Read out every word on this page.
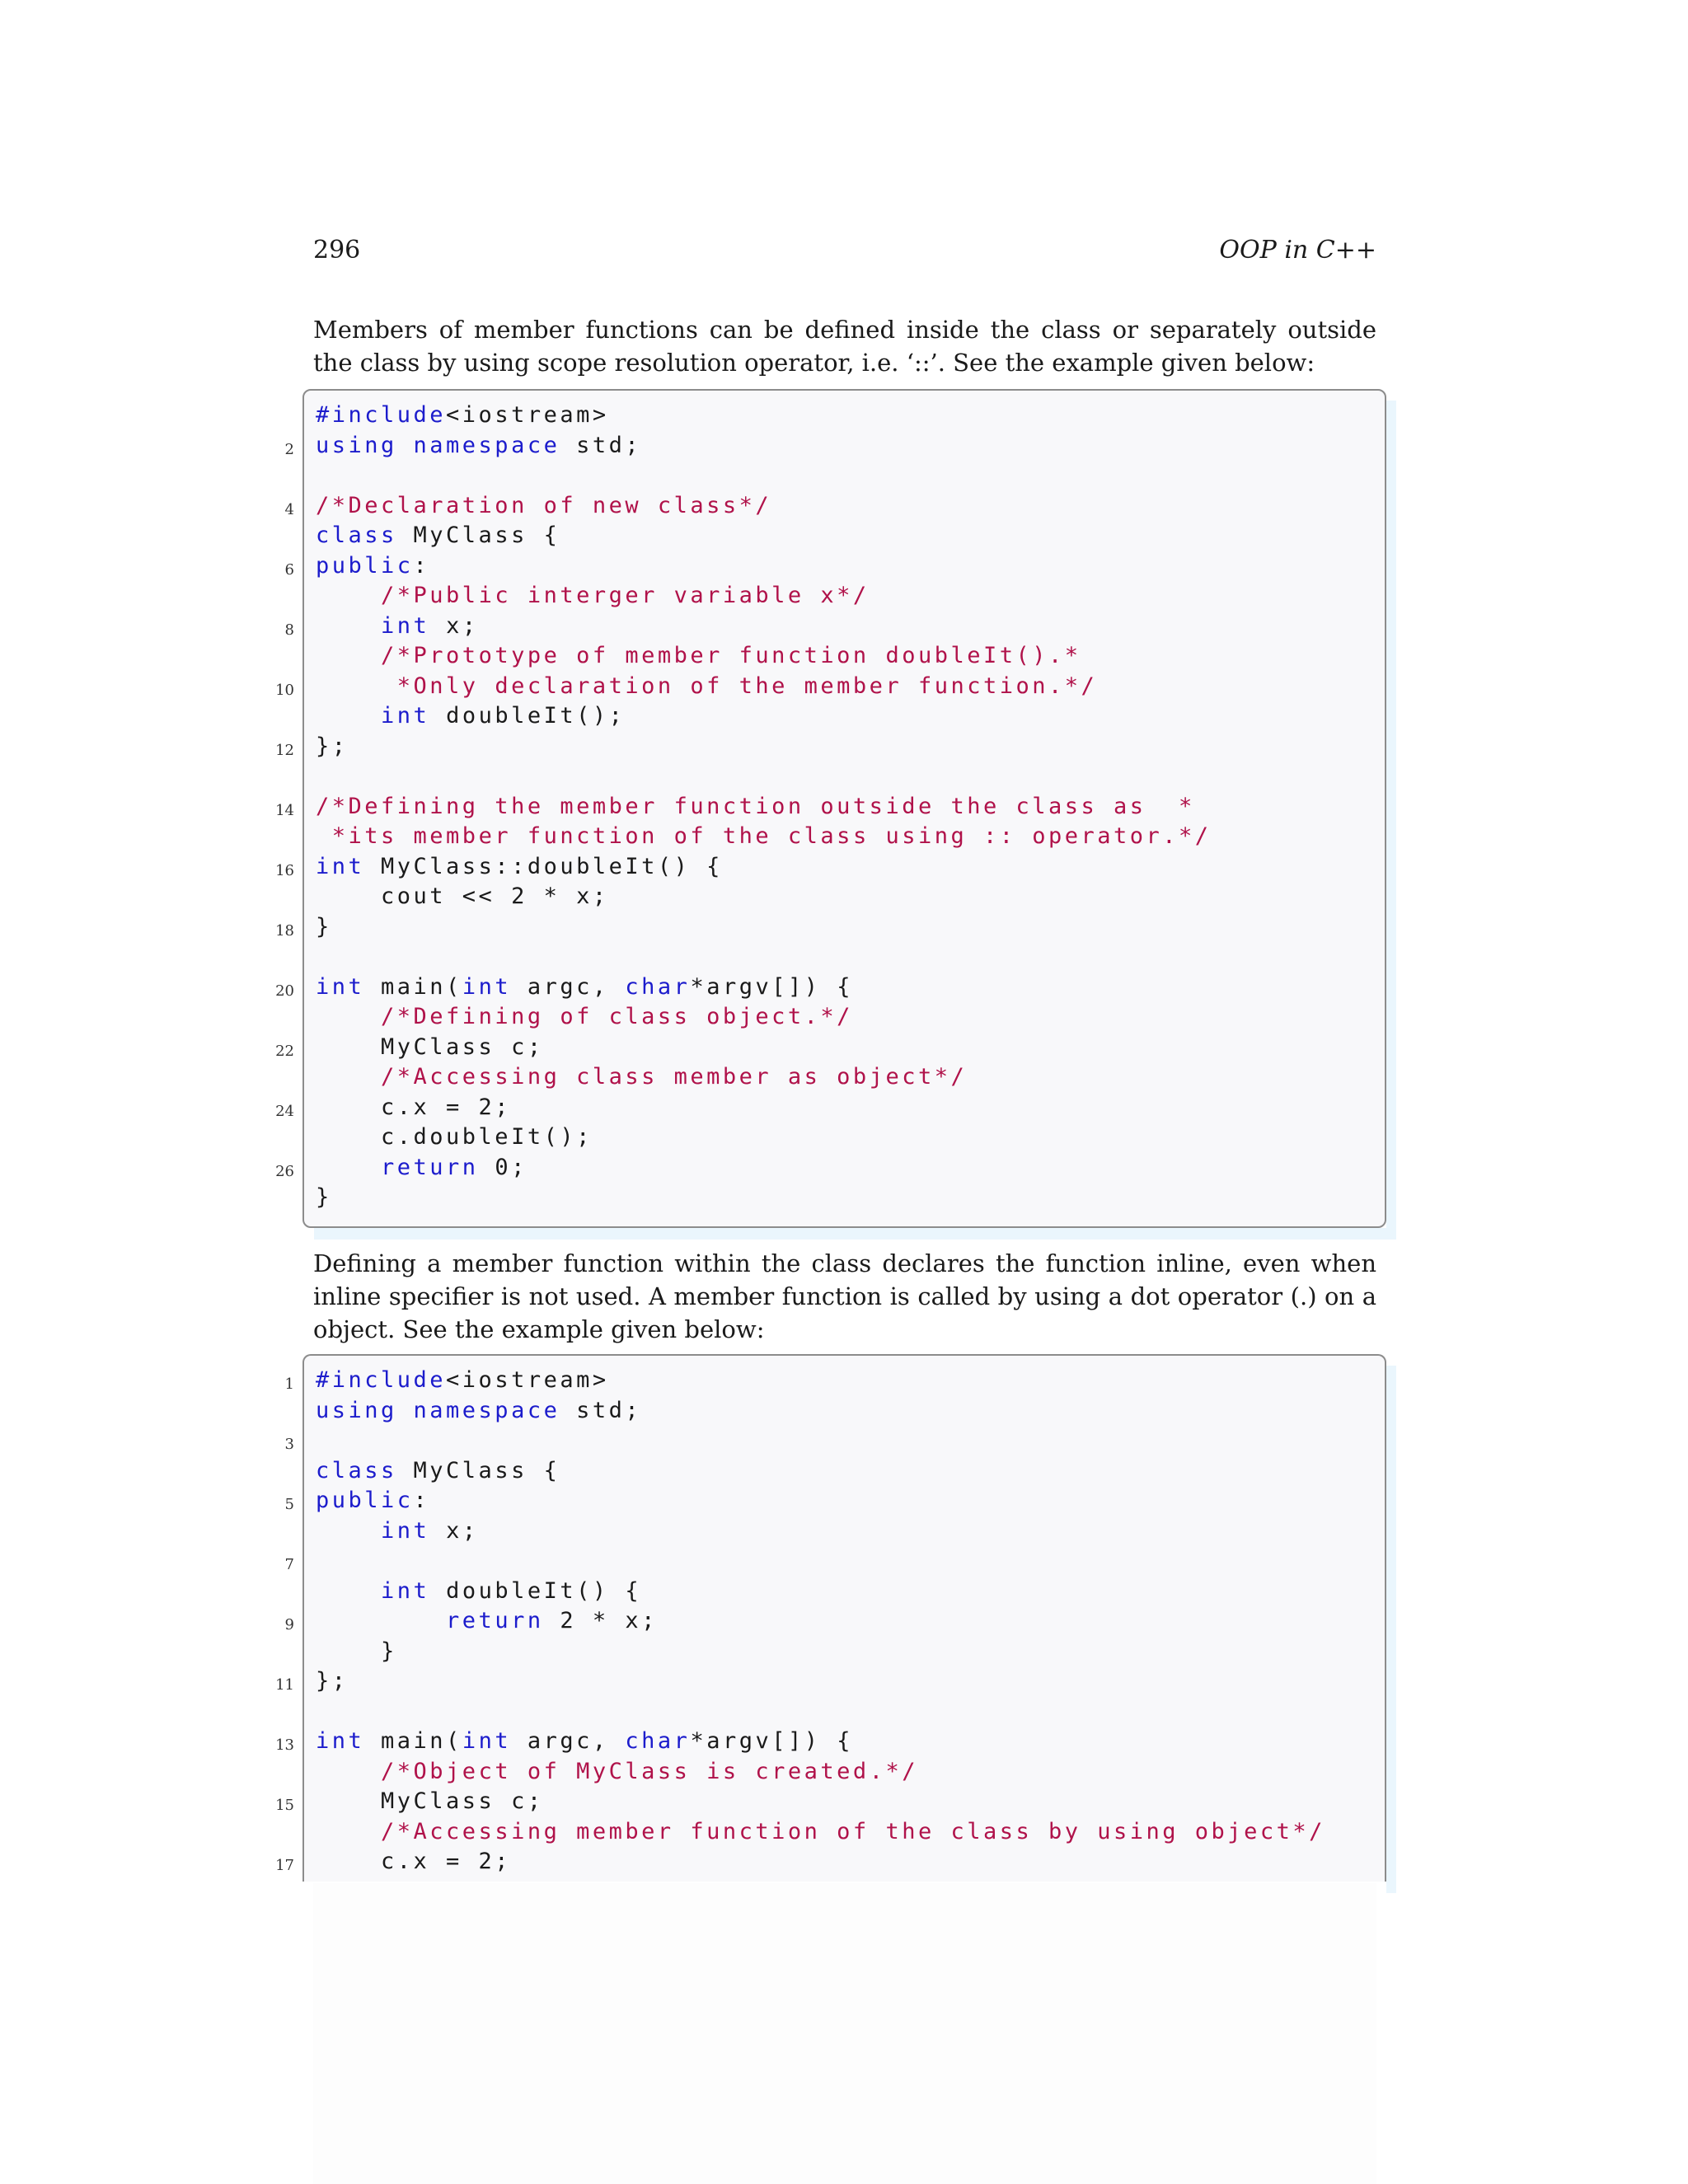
296	OOP in C++

Members of member functions can be defined inside the class or separately outside the class by using scope resolution operator, i.e. ‘::’. See the example given below:

#include<iostream>
2 using namespace std;
4 /*Declaration of new class*/
class MyClass {
6 public:
/*Public interger variable x*/
8	int x;
/*Prototype of member function doubleIt().*
10	*Only declaration of the member function.*/
int doubleIt();
12 };
14 /*Defining the member function outside the class as  *
*its member function of the class using :: operator.*/
16 int MyClass::doubleIt() {
cout << 2 * x;
18 }
20 int main(int argc, char*argv[]) {
/*Defining of class object.*/
22 MyClass c;
/*Accessing class member as object*/
24 c.x = 2;
c.doubleIt();
26	return 0;
}

Defining a member function within the class declares the function inline, even when inline specifier is not used. A member function is called by using a dot operator (.) on a object. See the example given below:

1 #include<iostream>
using namespace std;
3
class MyClass {
5 public:
int x;
7
int doubleIt() {
9	return 2 * x;
}
11 };
13 int main(int argc, char*argv[]) {
/*Object of MyClass is created.*/
15 MyClass c;
/*Accessing member function of the class by using object*/
17 c.x = 2;
